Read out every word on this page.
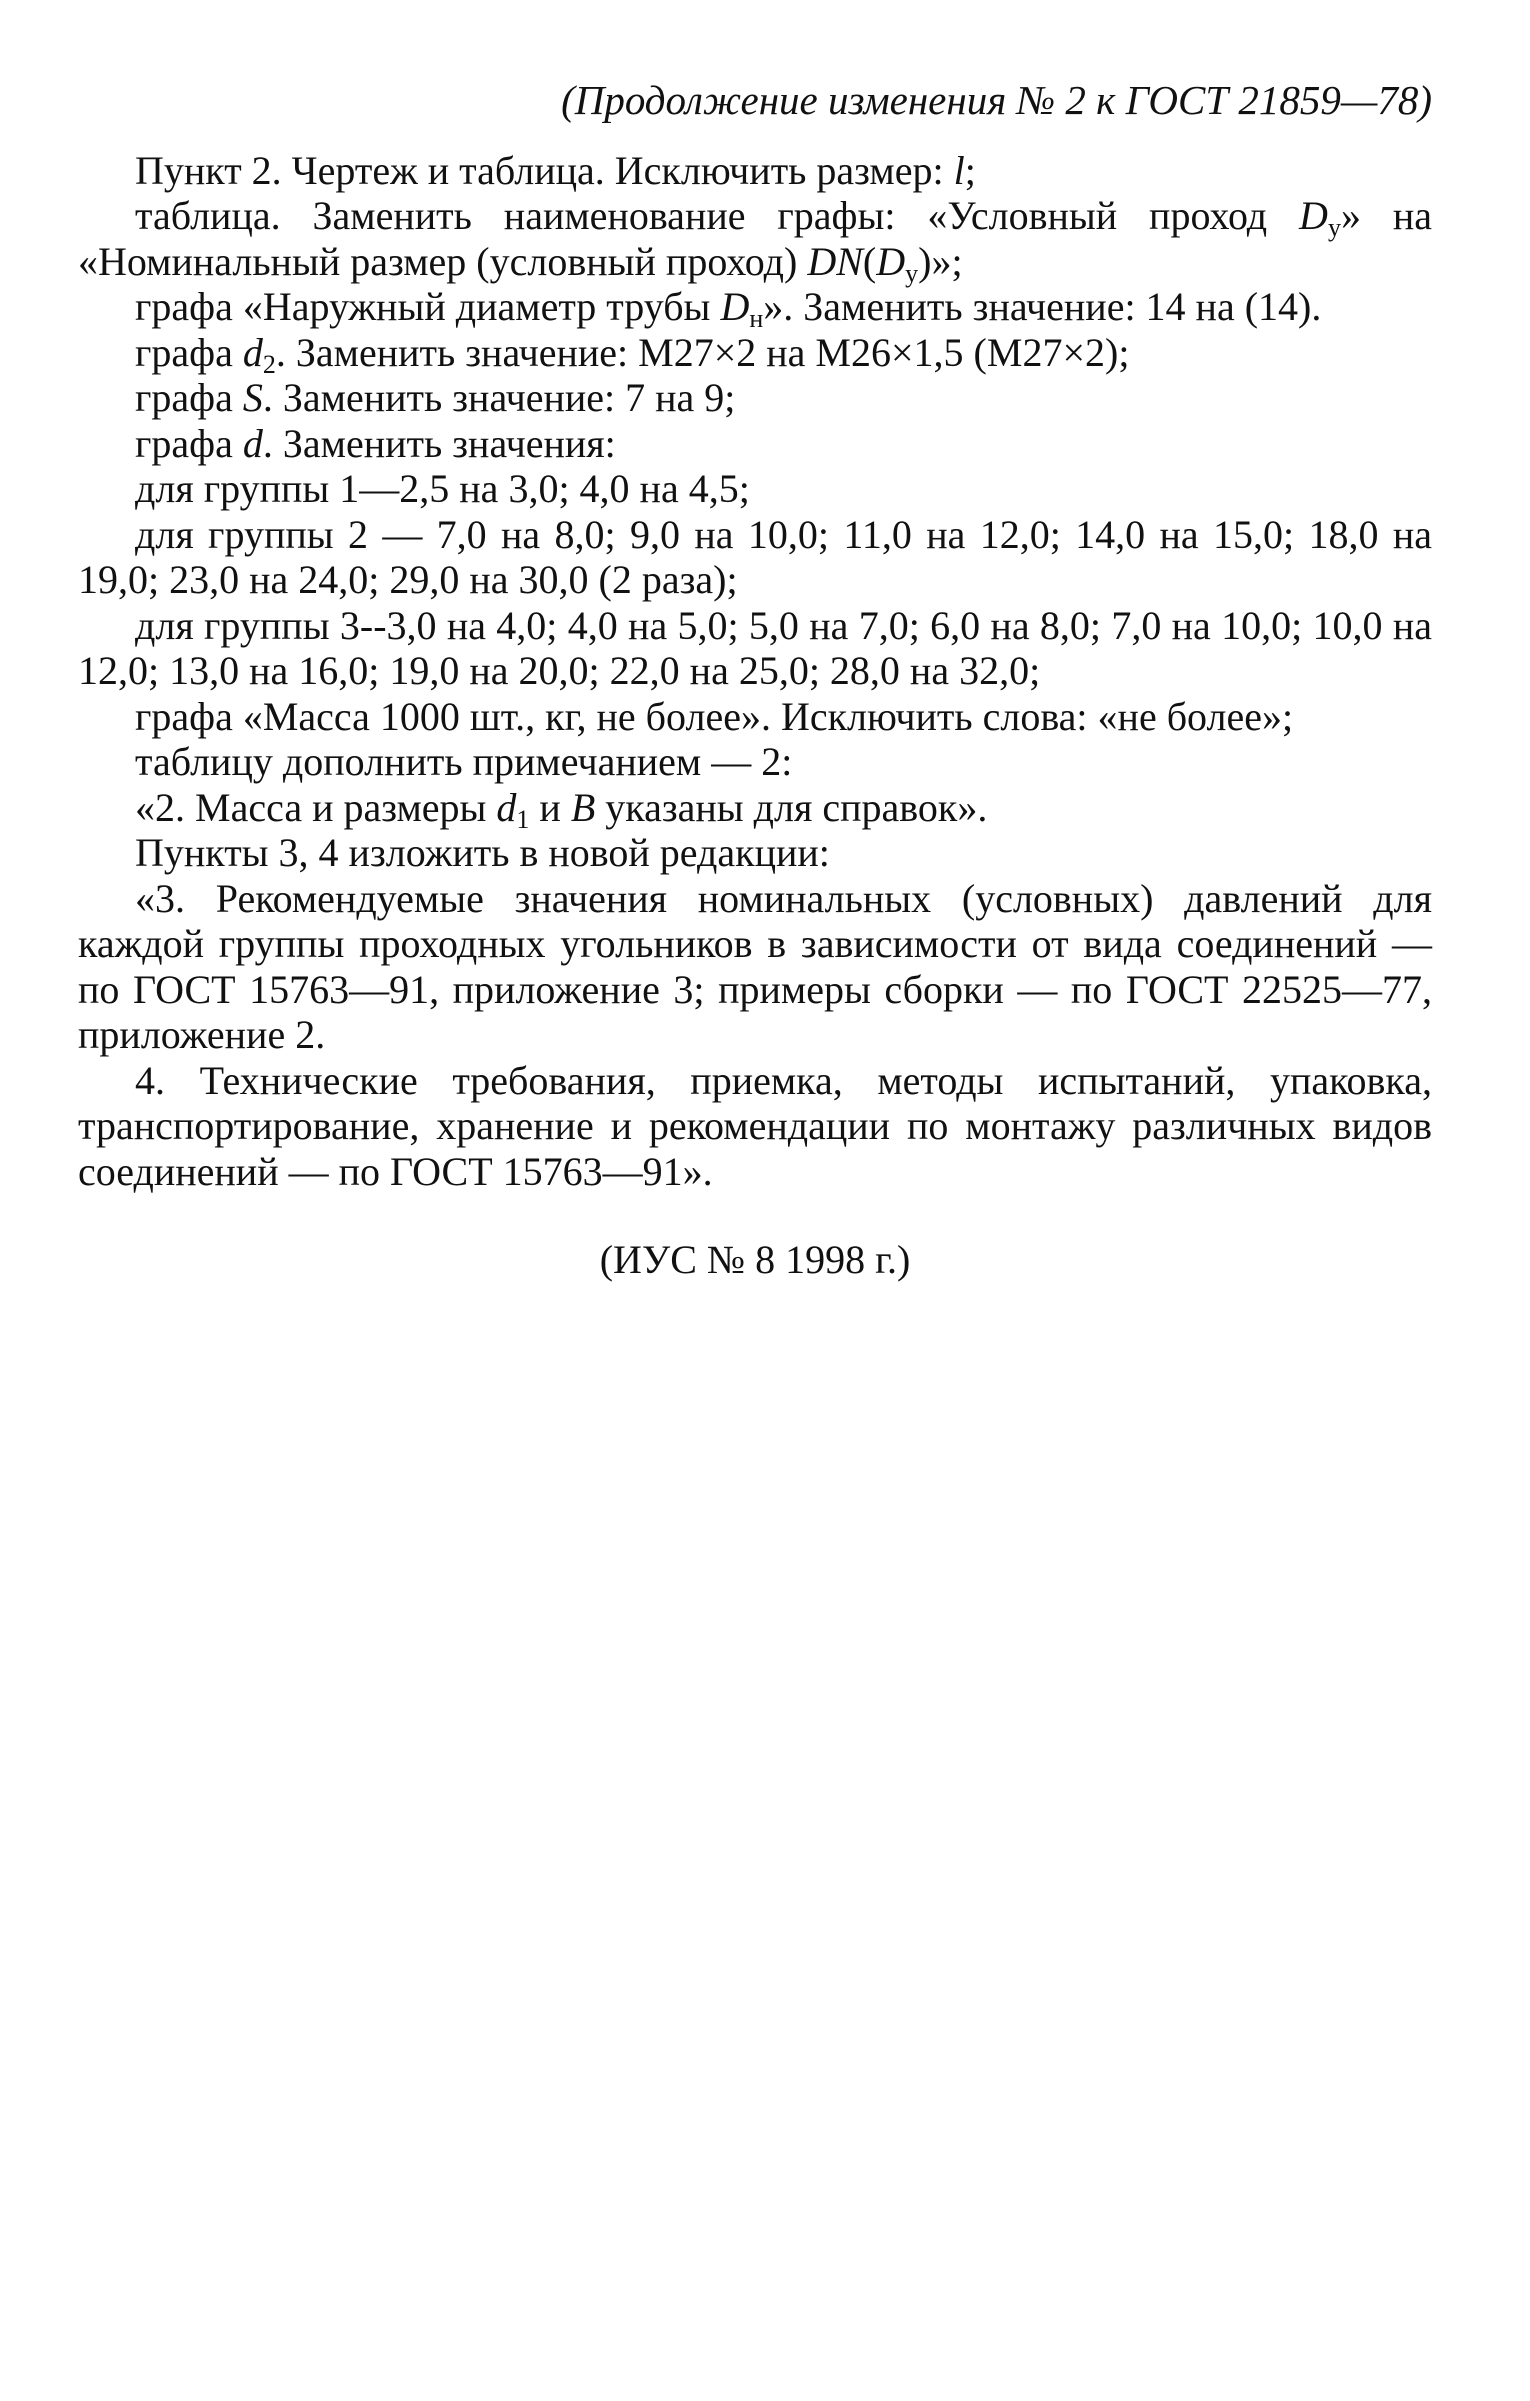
(Продолжение изменения № 2 к ГОСТ 21859—78)

Пункт 2. Чертеж и таблица. Исключить размер: l;

таблица. Заменить наименование графы: «Условный проход $D_у$» на «Номинальный размер (условный проход) $DN(D_у)$»;

графа «Наружный диаметр трубы $D_н$». Заменить значение: 14 на (14).

графа $d_2$. Заменить значение: М27×2 на М26×1,5 (М27×2);

графа S. Заменить значение: 7 на 9;

графа d. Заменить значения:

для группы 1—2,5 на 3,0; 4,0 на 4,5;

для группы 2 — 7,0 на 8,0; 9,0 на 10,0; 11,0 на 12,0; 14,0 на 15,0; 18,0 на 19,0; 23,0 на 24,0; 29,0 на 30,0 (2 раза);

для группы 3--3,0 на 4,0; 4,0 на 5,0; 5,0 на 7,0; 6,0 на 8,0; 7,0 на 10,0; 10,0 на 12,0; 13,0 на 16,0; 19,0 на 20,0; 22,0 на 25,0; 28,0 на 32,0;

графа «Масса 1000 шт., кг, не более». Исключить слова: «не более»;

таблицу дополнить примечанием — 2:

«2. Масса и размеры $d_1$ и B указаны для справок».

Пункты 3, 4 изложить в новой редакции:

«3. Рекомендуемые значения номинальных (условных) давлений для каждой группы проходных угольников в зависимости от вида соединений — по ГОСТ 15763—91, приложение 3; примеры сборки — по ГОСТ 22525—77, приложение 2.

4. Технические требования, приемка, методы испытаний, упаковка, транспортирование, хранение и рекомендации по монтажу различных видов соединений — по ГОСТ 15763—91».

(ИУС № 8 1998 г.)
